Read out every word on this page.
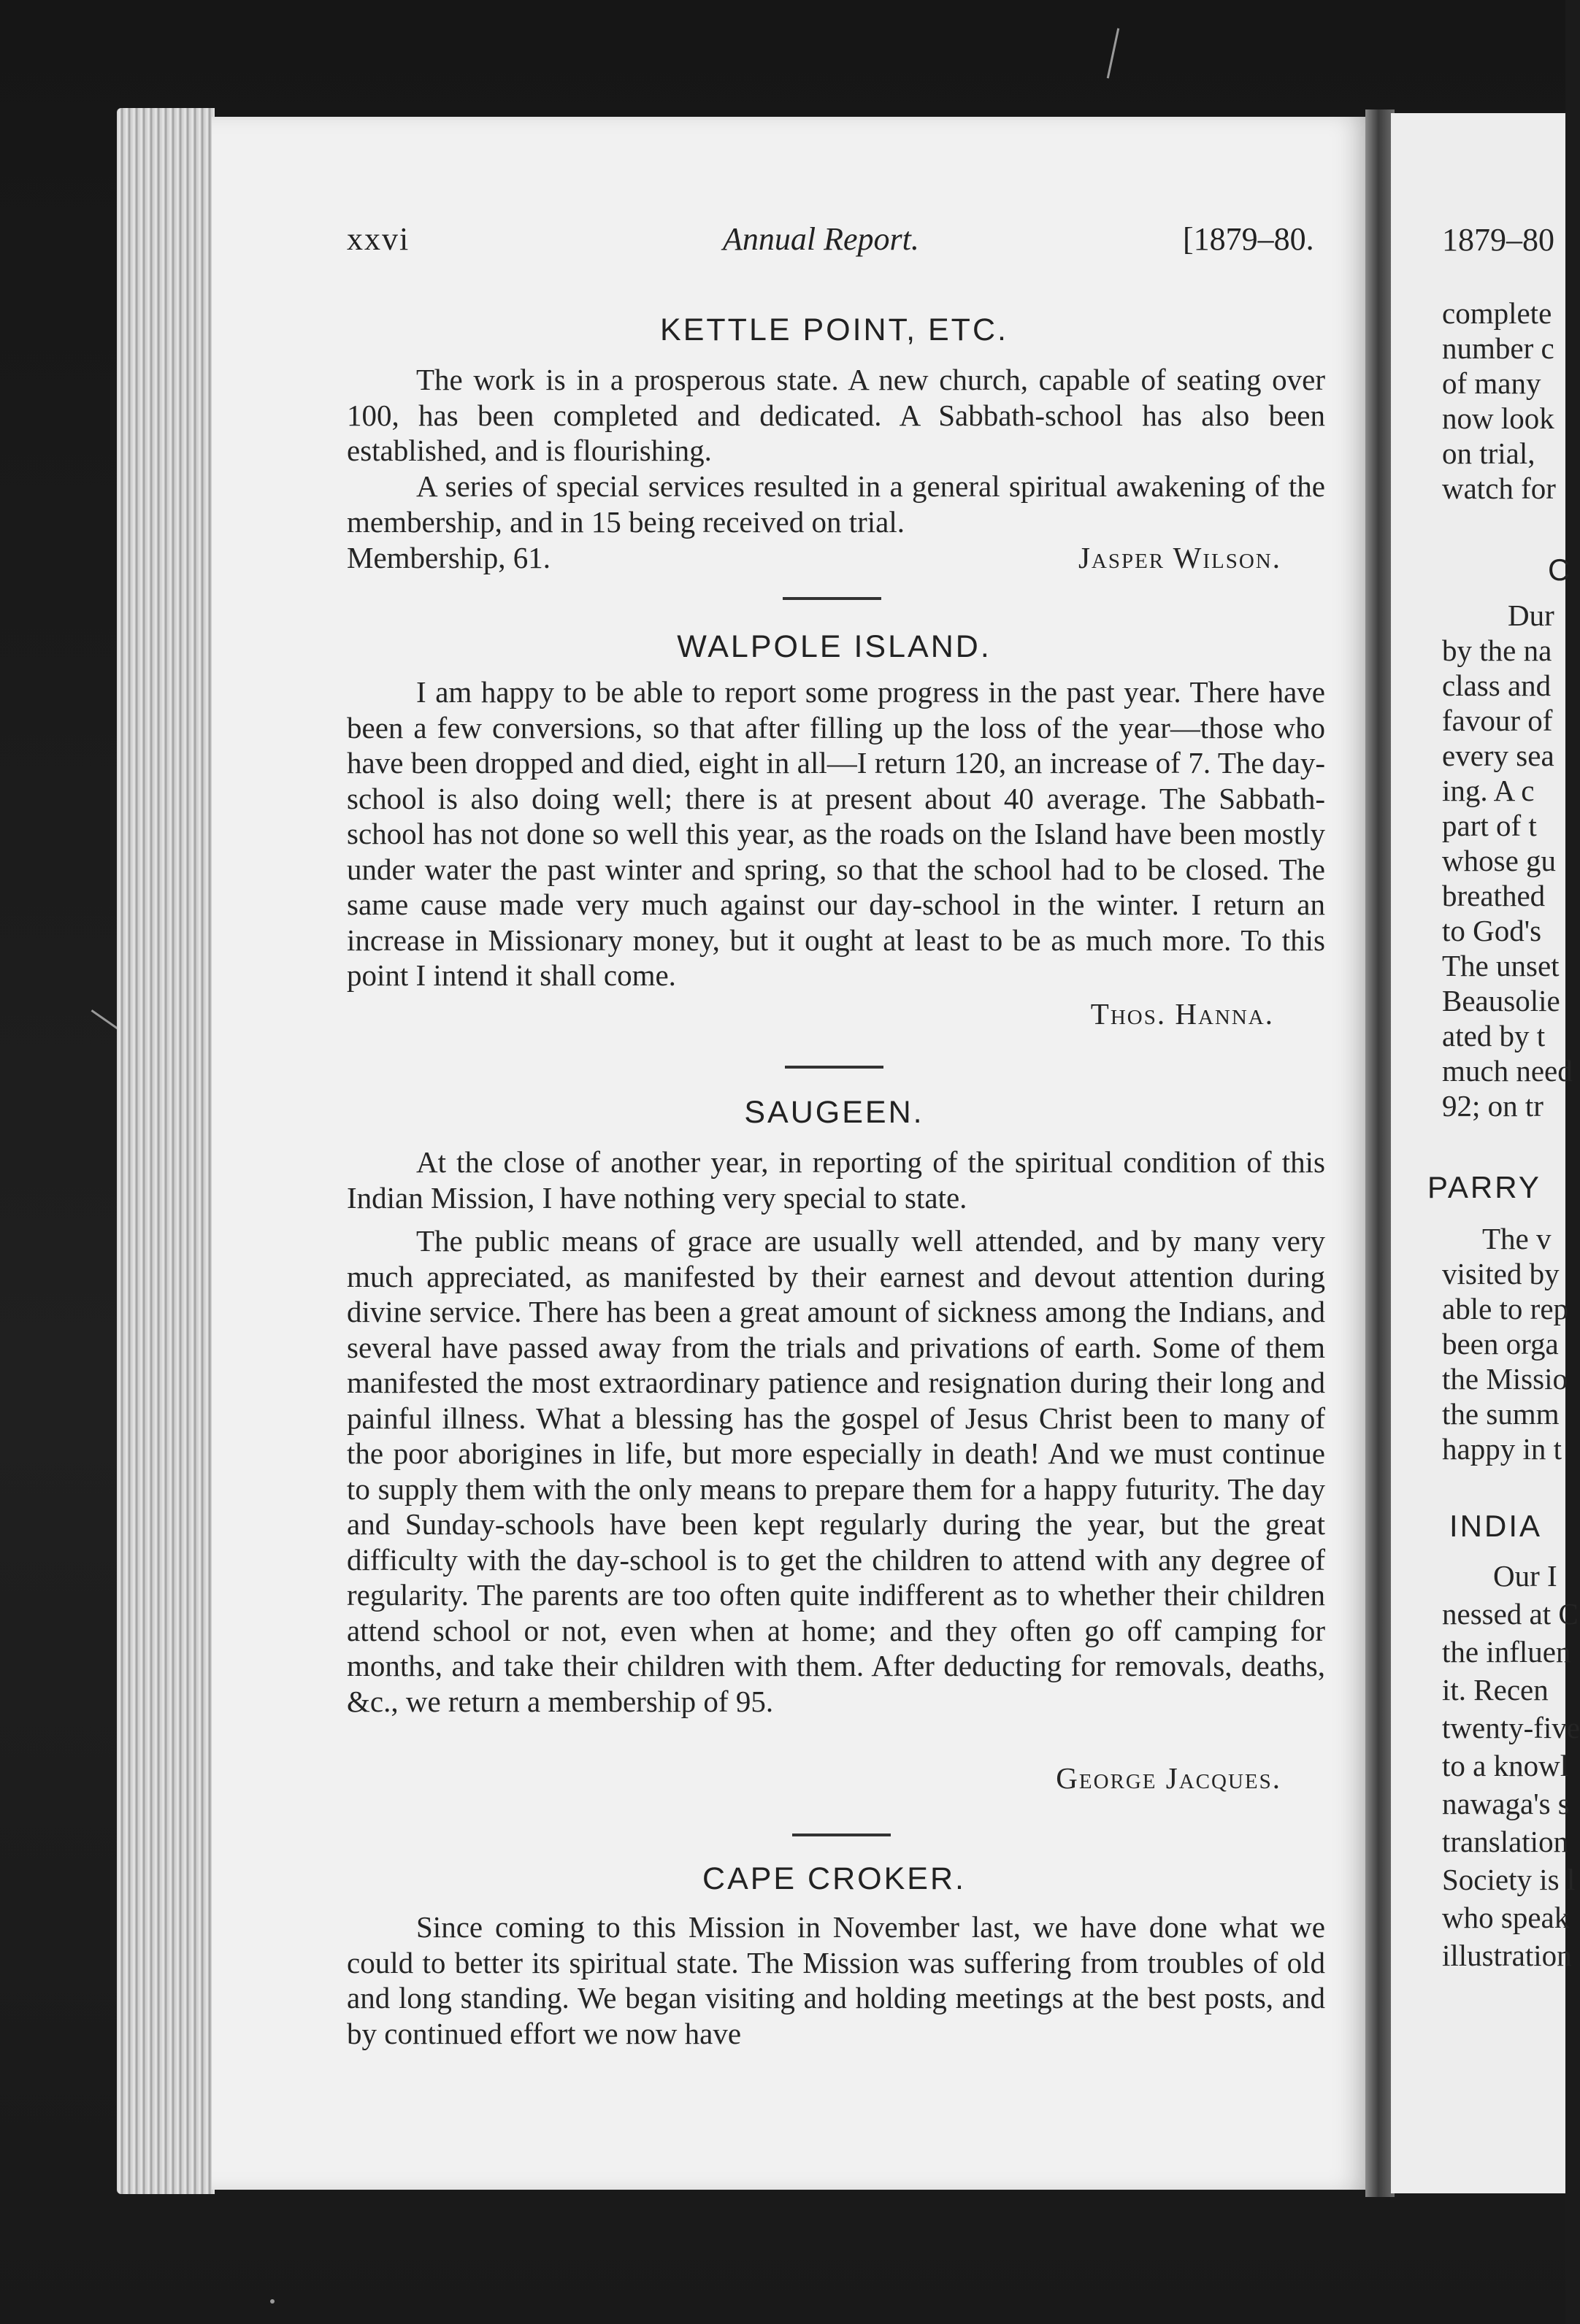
xxvi	Annual Report.	[1879–80.
KETTLE POINT, ETC.

The work is in a prosperous state. A new church, capable of seating over 100, has been completed and dedicated. A Sabbath-school has also been established, and is flourishing.

A series of special services resulted in a general spiritual awakening of the membership, and in 15 being received on trial.

Membership, 61.	Jasper Wilson.
WALPOLE ISLAND.

I am happy to be able to report some progress in the past year. There have been a few conversions, so that after filling up the loss of the year—those who have been dropped and died, eight in all—I return 120, an increase of 7. The day-school is also doing well; there is at present about 40 average. The Sabbath-school has not done so well this year, as the roads on the Island have been mostly under water the past winter and spring, so that the school had to be closed. The same cause made very much against our day-school in the winter. I return an increase in Missionary money, but it ought at least to be as much more. To this point I intend it shall come.

Thos. Hanna.
SAUGEEN.

At the close of another year, in reporting of the spiritual condition of this Indian Mission, I have nothing very special to state.

The public means of grace are usually well attended, and by many very much appreciated, as manifested by their earnest and devout attention during divine service. There has been a great amount of sickness among the Indians, and several have passed away from the trials and privations of earth. Some of them manifested the most extraordinary patience and resignation during their long and painful illness. What a blessing has the gospel of Jesus Christ been to many of the poor aborigines in life, but more especially in death! And we must continue to supply them with the only means to prepare them for a happy futurity. The day and Sunday-schools have been kept regularly during the year, but the great difficulty with the day-school is to get the children to attend with any degree of regularity. The parents are too often quite indifferent as to whether their children attend school or not, even when at home; and they often go off camping for months, and take their children with them. After deducting for removals, deaths, &c., we return a membership of 95.

George Jacques.
CAPE CROKER.

Since coming to this Mission in November last, we have done what we could to better its spiritual state. The Mission was suffering from troubles of old and long standing. We began visiting and holding meetings at the best posts, and by continued effort we now have

1879–80
complete
number c
of many
now look
on trial,
watch for
C
Dur
by the na
class and
favour of
every sea
ing. A c
part of t
whose gu
breathed
to God's
The unset
Beausolie
ated by t
much need
92; on tr
PARRY
The v
visited by
able to rep
been orga
the Missio
the summ
happy in t
INDIA
Our I
nessed at C
the influen
it. Recen
twenty-five
to a knowl
nawaga's s
translation
Society is l
who speak
illustration
